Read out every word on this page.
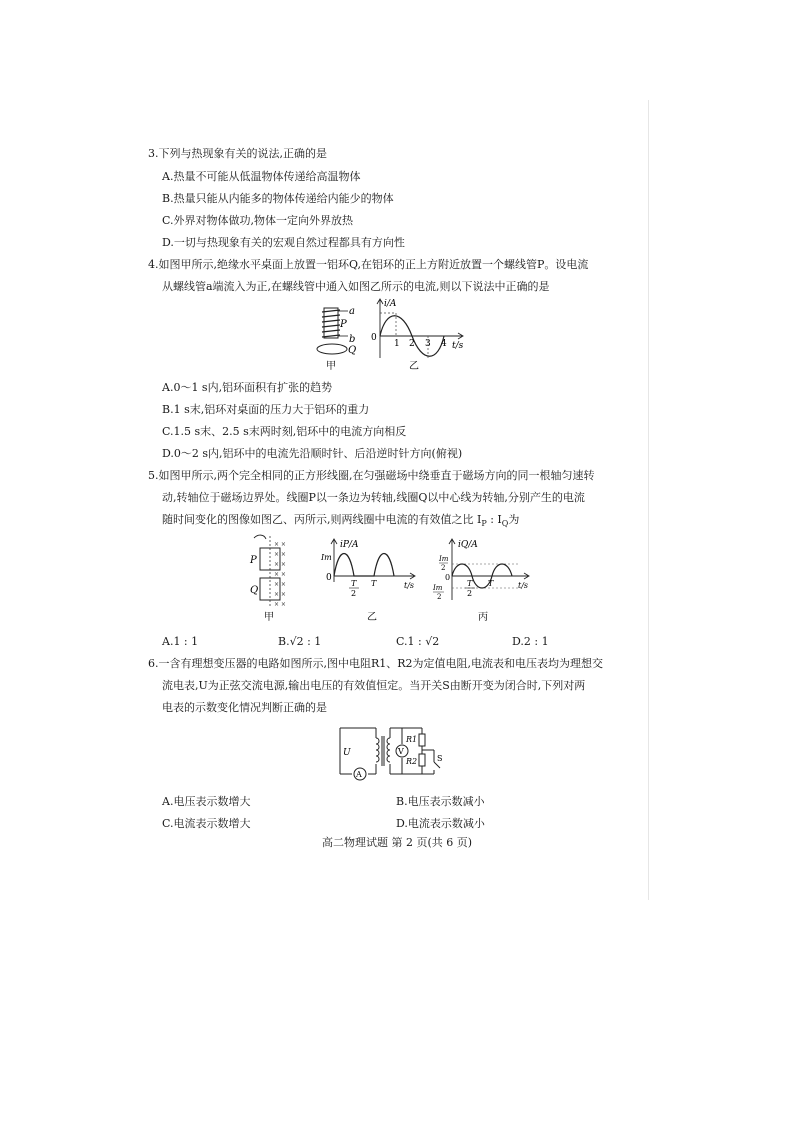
3.下列与热现象有关的说法,正确的是
A.热量不可能从低温物体传递给高温物体
B.热量只能从内能多的物体传递给内能少的物体
C.外界对物体做功,物体一定向外界放热
D.一切与热现象有关的宏观自然过程都具有方向性
4.如图甲所示,绝缘水平桌面上放置一铝环Q,在铝环的正上方附近放置一个螺线管P。设电流
从螺线管a端流入为正,在螺线管中通入如图乙所示的电流,则以下说法中正确的是
a
P
b
Q
甲
i/A
t/s
0
1 2 3 4
乙
A.0～1 s内,铝环面积有扩张的趋势
B.1 s末,铝环对桌面的压力大于铝环的重力
C.1.5 s末、2.5 s末两时刻,铝环中的电流方向相反
D.0～2 s内,铝环中的电流先沿顺时针、后沿逆时针方向(俯视)
5.如图甲所示,两个完全相同的正方形线圈,在匀强磁场中绕垂直于磁场方向的同一根轴匀速转
动,转轴位于磁场边界处。线圈P以一条边为转轴,线圈Q以中心线为转轴,分别产生的电流
随时间变化的图像如图乙、丙所示,则两线圈中电流的有效值之比 $I_P$ : $I_Q$为
× ×
× ×
× ×
× ×
× ×
× ×
× ×
P
Q
甲
iP/A
Im
0
T
2
T	t/s
乙
iQ/A
Im
2
0
Im
2
T
2
T	t/s
丙
A.1 : 1	B.√2 : 1	C.1 : √2	D.2 : 1
6.一含有理想变压器的电路如图所示,图中电阻R1、R2为定值电阻,电流表和电压表均为理想交
流电表,U为正弦交流电源,输出电压的有效值恒定。当开关S由断开变为闭合时,下列对两
电表的示数变化情况判断正确的是
A
V
U
R1
R2 S
A.电压表示数增大	B.电压表示数减小
C.电流表示数增大	D.电流表示数减小
高二物理试题 第 2 页(共 6 页)
